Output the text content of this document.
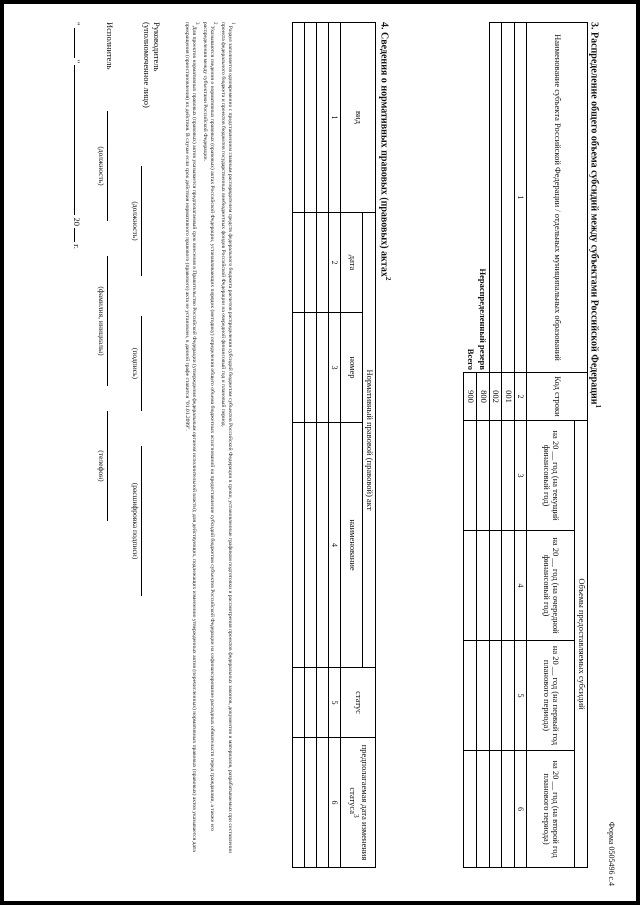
Форма 0505496 с.4
3. Распределение общего объема субсидий между субъектами Российской Федерации$^1$
Наименование субъекта Российской Федерации / отдельных муниципальных образований	Код строки	Объемы предоставляемых субсидий			
		на 20 __ год (на текущий финансовый год)	на 20 __ год (на очередной финансовый год)	на 20 __ год (на первый год планового периода)	на 20 __ год (на второй год планового периода)
1	2	3	4	5	6
	001				
	002				
Нераспределенный резерв	800				
Всего	900				
4. Сведения о нормативных правовых (правовых) актах$^2$
вид	Нормативный правовой (правовой) акт			статус	предполагаемая дата изменения статуса$^3$
	дата	номер	наименование		
1	2	3	4	5	6

$^1$ Раздел заполняется одновременно с представлением главным распорядителем средств федерального бюджета расчетов распределения субсидий бюджетам субъектов Российской Федерации в сроки, установленные графиком подготовки и рассмотрения проектов федеральных законов, документов и материалов, разрабатываемых при составлении проекта федерального бюджета и проектов бюджетов государственных внебюджетных фондов Российской Федерации на очередной финансовый год и плановый период.

$^2$ Указываются сведения о нормативных правовых (правовых) актах Российской Федерации, устанавливающих порядок (методику) определения общего объема бюджетных ассигнований на предоставление субсидий бюджетам субъектов Российской Федерации на софинансирование расходных обязательств перед гражданами, а также его распределения между субъектами Российской Федерации.

$^3$ Для проектов нормативных правовых (правовых) актов указывается предполагаемый срок внесения в Правительство Российской Федерации (утверждения федеральным органом исполнительной власти); для действующих, подлежащих изменению утвержденных актов (перечисленных) нормативных правовых (правовых) актов указывается дата прекращения (приостановления) их действия. В случае если срок действия нормативного правового (правового) акта не установлен, в данной графе ставится "01.01.2099".

Руководитель
(уполномоченное лицо)
(должность)
(подпись)
(расшифровка подписи)
Исполнитель
(должность)
(фамилия, инициалы)
(телефон)
"  "  20  г.
